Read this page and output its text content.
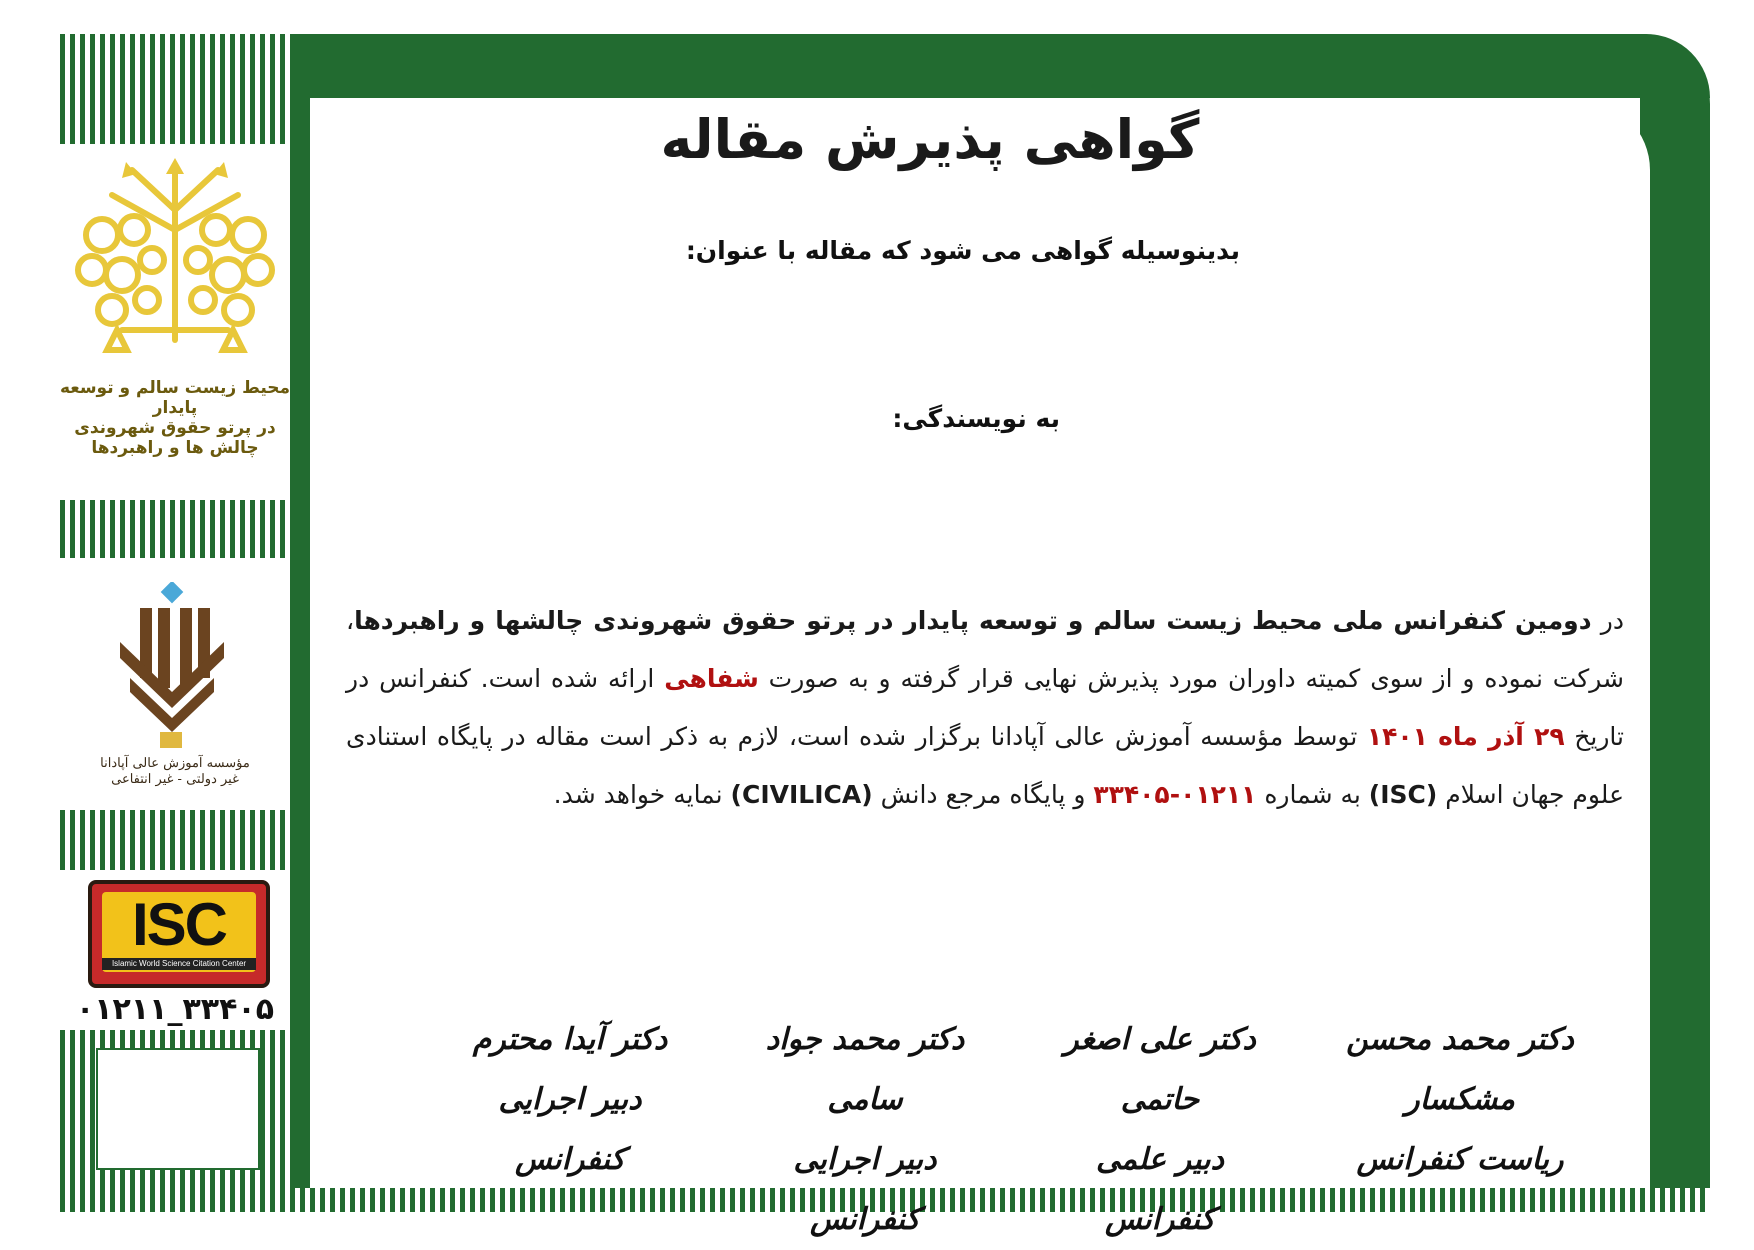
محیط زیست سالم و توسعه پایدار
در پرتو حقوق شهروندی
چالش ها و راهبردها
مؤسسه آموزش عالی آپادانا
غیر دولتی - غیر انتفاعی
ISC
Islamic World Science Citation Center
۰۱۲۱۱_۳۳۴۰۵
گواهی پذیرش مقاله
بدینوسیله گواهی می شود که مقاله با عنوان:
به نویسندگی:
در دومین کنفرانس ملی محیط زیست سالم و توسعه پایدار در پرتو حقوق شهروندی چالشها و راهبردها، شرکت نموده و از سوی کمیته داوران مورد پذیرش نهایی قرار گرفته و به صورت شفاهی ارائه شده است. کنفرانس در تاریخ ۲۹ آذر ماه ۱۴۰۱ توسط مؤسسه آموزش عالی آپادانا برگزار شده است، لازم به ذکر است مقاله در پایگاه استنادی علوم جهان اسلام (ISC) به شماره ۰۱۲۱۱-۳۳۴۰۵ و پایگاه مرجع دانش (CIVILICA) نمایه خواهد شد.
دکتر محمد محسن مشکسار
ریاست کنفرانس
دکتر علی اصغر حاتمی
دبیر علمی کنفرانس
دکتر محمد جواد سامی
دبیر اجرایی کنفرانس
دکتر آیدا محترم
دبیر اجرایی کنفرانس
